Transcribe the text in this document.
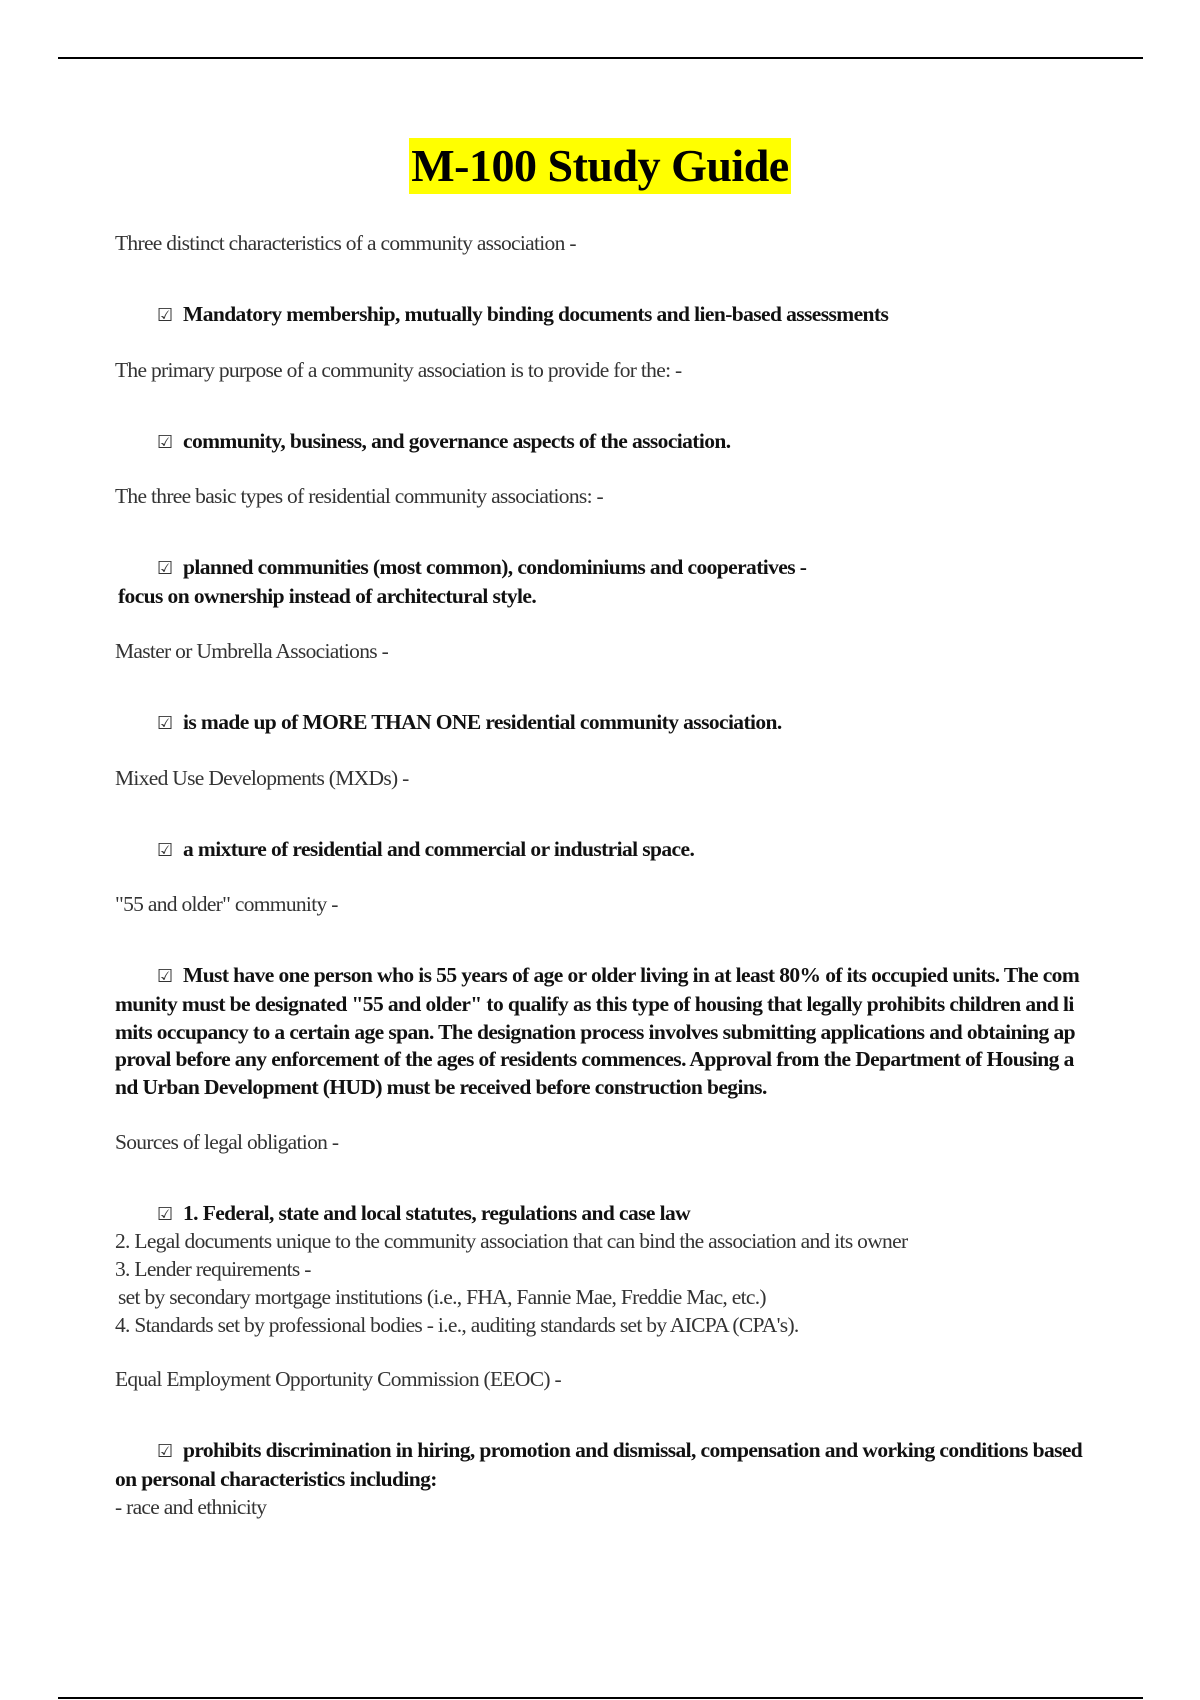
M-100 Study Guide

Three distinct characteristics of a community association -

☑ Mandatory membership, mutually binding documents and lien-based assessments

The primary purpose of a community association is to provide for the: -

☑ community, business, and governance aspects of the association.

The three basic types of residential community associations: -

☑ planned communities (most common), condominiums and cooperatives -
focus on ownership instead of architectural style.

Master or Umbrella Associations -

☑ is made up of MORE THAN ONE residential community association.

Mixed Use Developments (MXDs) -

☑ a mixture of residential and commercial or industrial space.

"55 and older" community -

☑ Must have one person who is 55 years of age or older living in at least 80% of its occupied units. The community must be designated "55 and older" to qualify as this type of housing that legally prohibits children and limits occupancy to a certain age span. The designation process involves submitting applications and obtaining approval before any enforcement of the ages of residents commences. Approval from the Department of Housing and Urban Development (HUD) must be received before construction begins.

Sources of legal obligation -

☑ 1. Federal, state and local statutes, regulations and case law
2. Legal documents unique to the community association that can bind the association and its owner
3. Lender requirements -
set by secondary mortgage institutions (i.e., FHA, Fannie Mae, Freddie Mac, etc.)
4. Standards set by professional bodies - i.e., auditing standards set by AICPA (CPA's).

Equal Employment Opportunity Commission (EEOC) -

☑ prohibits discrimination in hiring, promotion and dismissal, compensation and working conditions based on personal characteristics including:
- race and ethnicity
